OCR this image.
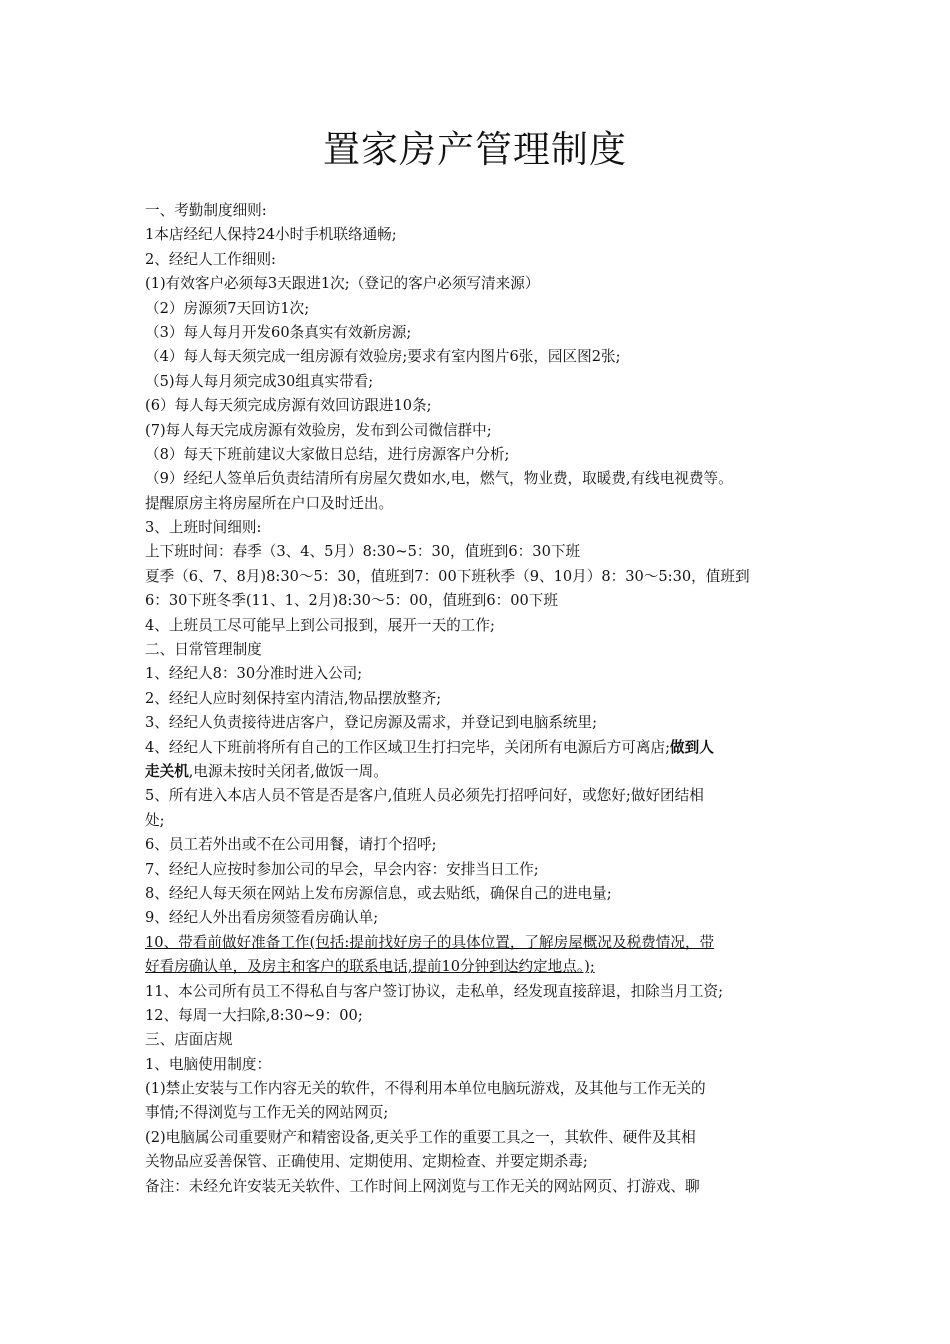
置家房产管理制度
一、考勤制度细则:
1本店经纪人保持24小时手机联络通畅;
2、经纪人工作细则:
(1)有效客户必须每3天跟进1次;（登记的客户必须写清来源）
（2）房源须7天回访1次;
（3）每人每月开发60条真实有效新房源;
（4）每人每天须完成一组房源有效验房;要求有室内图片6张，园区图2张;
（5)每人每月须完成30组真实带看;
(6）每人每天须完成房源有效回访跟进10条;
(7)每人每天完成房源有效验房，发布到公司微信群中;
（8）每天下班前建议大家做日总结，进行房源客户分析;
（9）经纪人签单后负责结清所有房屋欠费如水,电，燃气，物业费，取暖费,有线电视费等。
提醒原房主将房屋所在户口及时迁出。
3、上班时间细则:
上下班时间：春季（3、4、5月）8:30~5：30，值班到6：30下班
夏季（6、7、8月)8:30～5：30，值班到7：00下班秋季（9、10月）8：30～5:30，值班到
6：30下班冬季(11、1、2月)8:30～5：00，值班到6：00下班
4、上班员工尽可能早上到公司报到，展开一天的工作;
二、日常管理制度
1、经纪人8：30分准时进入公司;
2、经纪人应时刻保持室内清洁,物品摆放整齐;
3、经纪人负责接待进店客户，登记房源及需求，并登记到电脑系统里;
4、经纪人下班前将所有自己的工作区域卫生打扫完毕，关闭所有电源后方可离店;做到人
走关机,电源未按时关闭者,做饭一周。
5、所有进入本店人员不管是否是客户,值班人员必须先打招呼问好，或您好;做好团结相
处;
6、员工若外出或不在公司用餐，请打个招呼;
7、经纪人应按时参加公司的早会，早会内容：安排当日工作;
8、经纪人每天须在网站上发布房源信息，或去贴纸，确保自己的进电量;
9、经纪人外出看房须签看房确认单;
10、带看前做好准备工作(包括:提前找好房子的具体位置，了解房屋概况及税费情况，带
好看房确认单，及房主和客户的联系电话,提前10分钟到达约定地点。);
11、本公司所有员工不得私自与客户签订协议，走私单，经发现直接辞退，扣除当月工资;
12、每周一大扫除,8:30~9：00;
三、店面店规
1、电脑使用制度：
(1)禁止安装与工作内容无关的软件，不得利用本单位电脑玩游戏，及其他与工作无关的
事情;不得浏览与工作无关的网站网页;
(2)电脑属公司重要财产和精密设备,更关乎工作的重要工具之一，其软件、硬件及其相
关物品应妥善保管、正确使用、定期使用、定期检查、并要定期杀毒;
备注：未经允许安装无关软件、工作时间上网浏览与工作无关的网站网页、打游戏、聊
